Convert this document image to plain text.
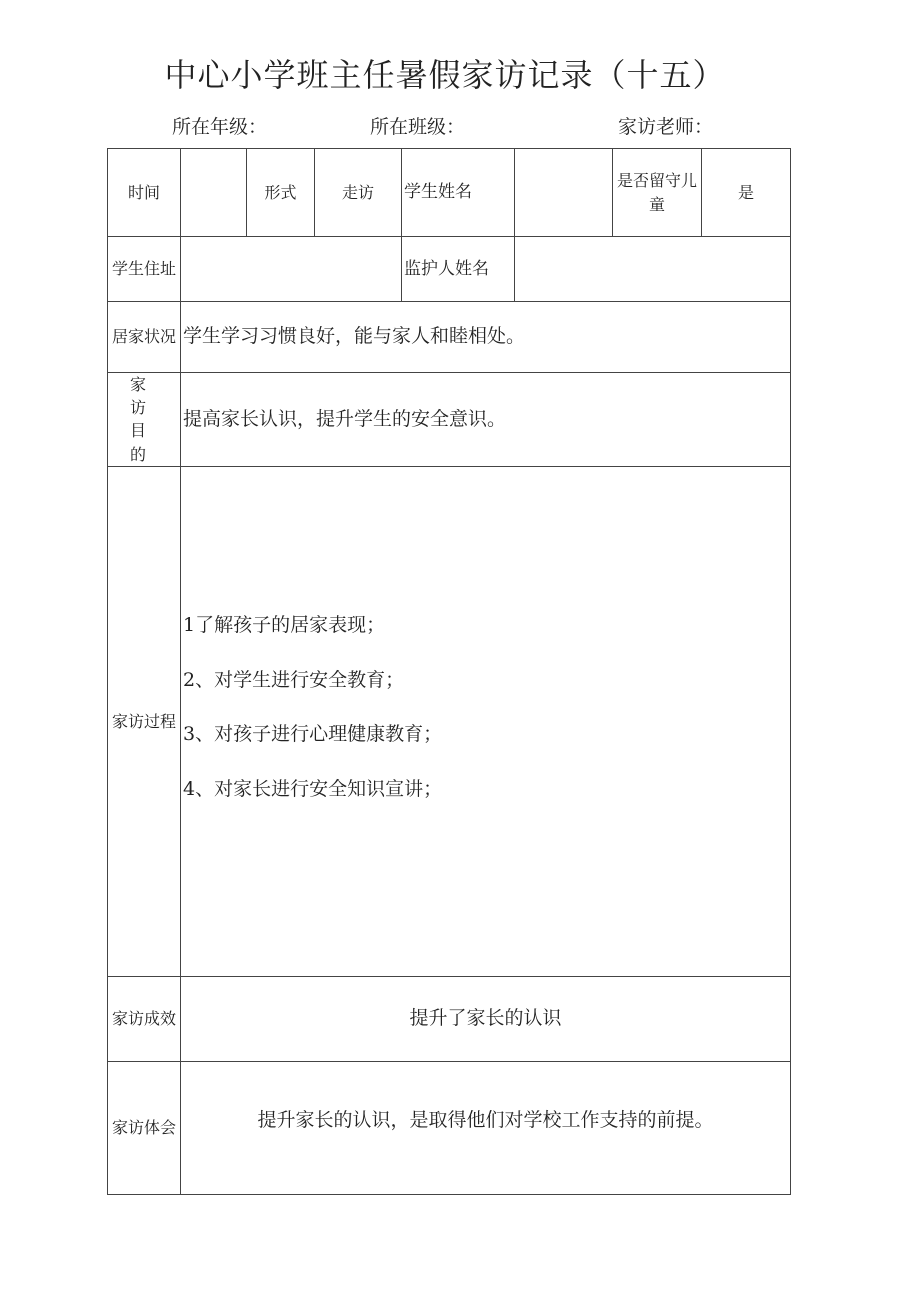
中心小学班主任暑假家访记录（十五）
所在年级：	所在班级：	家访老师：
时间		形式	走访	学生姓名		是否留守儿童	是
学生住址				监护人姓名			
居家状况	学生学习习惯良好，能与家人和睦相处。						
家访目的	提高家长认识，提升学生的安全意识。						
家访过程	1了解孩子的居家表现；
2、对学生进行安全教育；
3、对孩子进行心理健康教育；
4、对家长进行安全知识宣讲；						

家访成效	提升了家长的认识						
家访体会	提升家长的认识，是取得他们对学校工作支持的前提。						
